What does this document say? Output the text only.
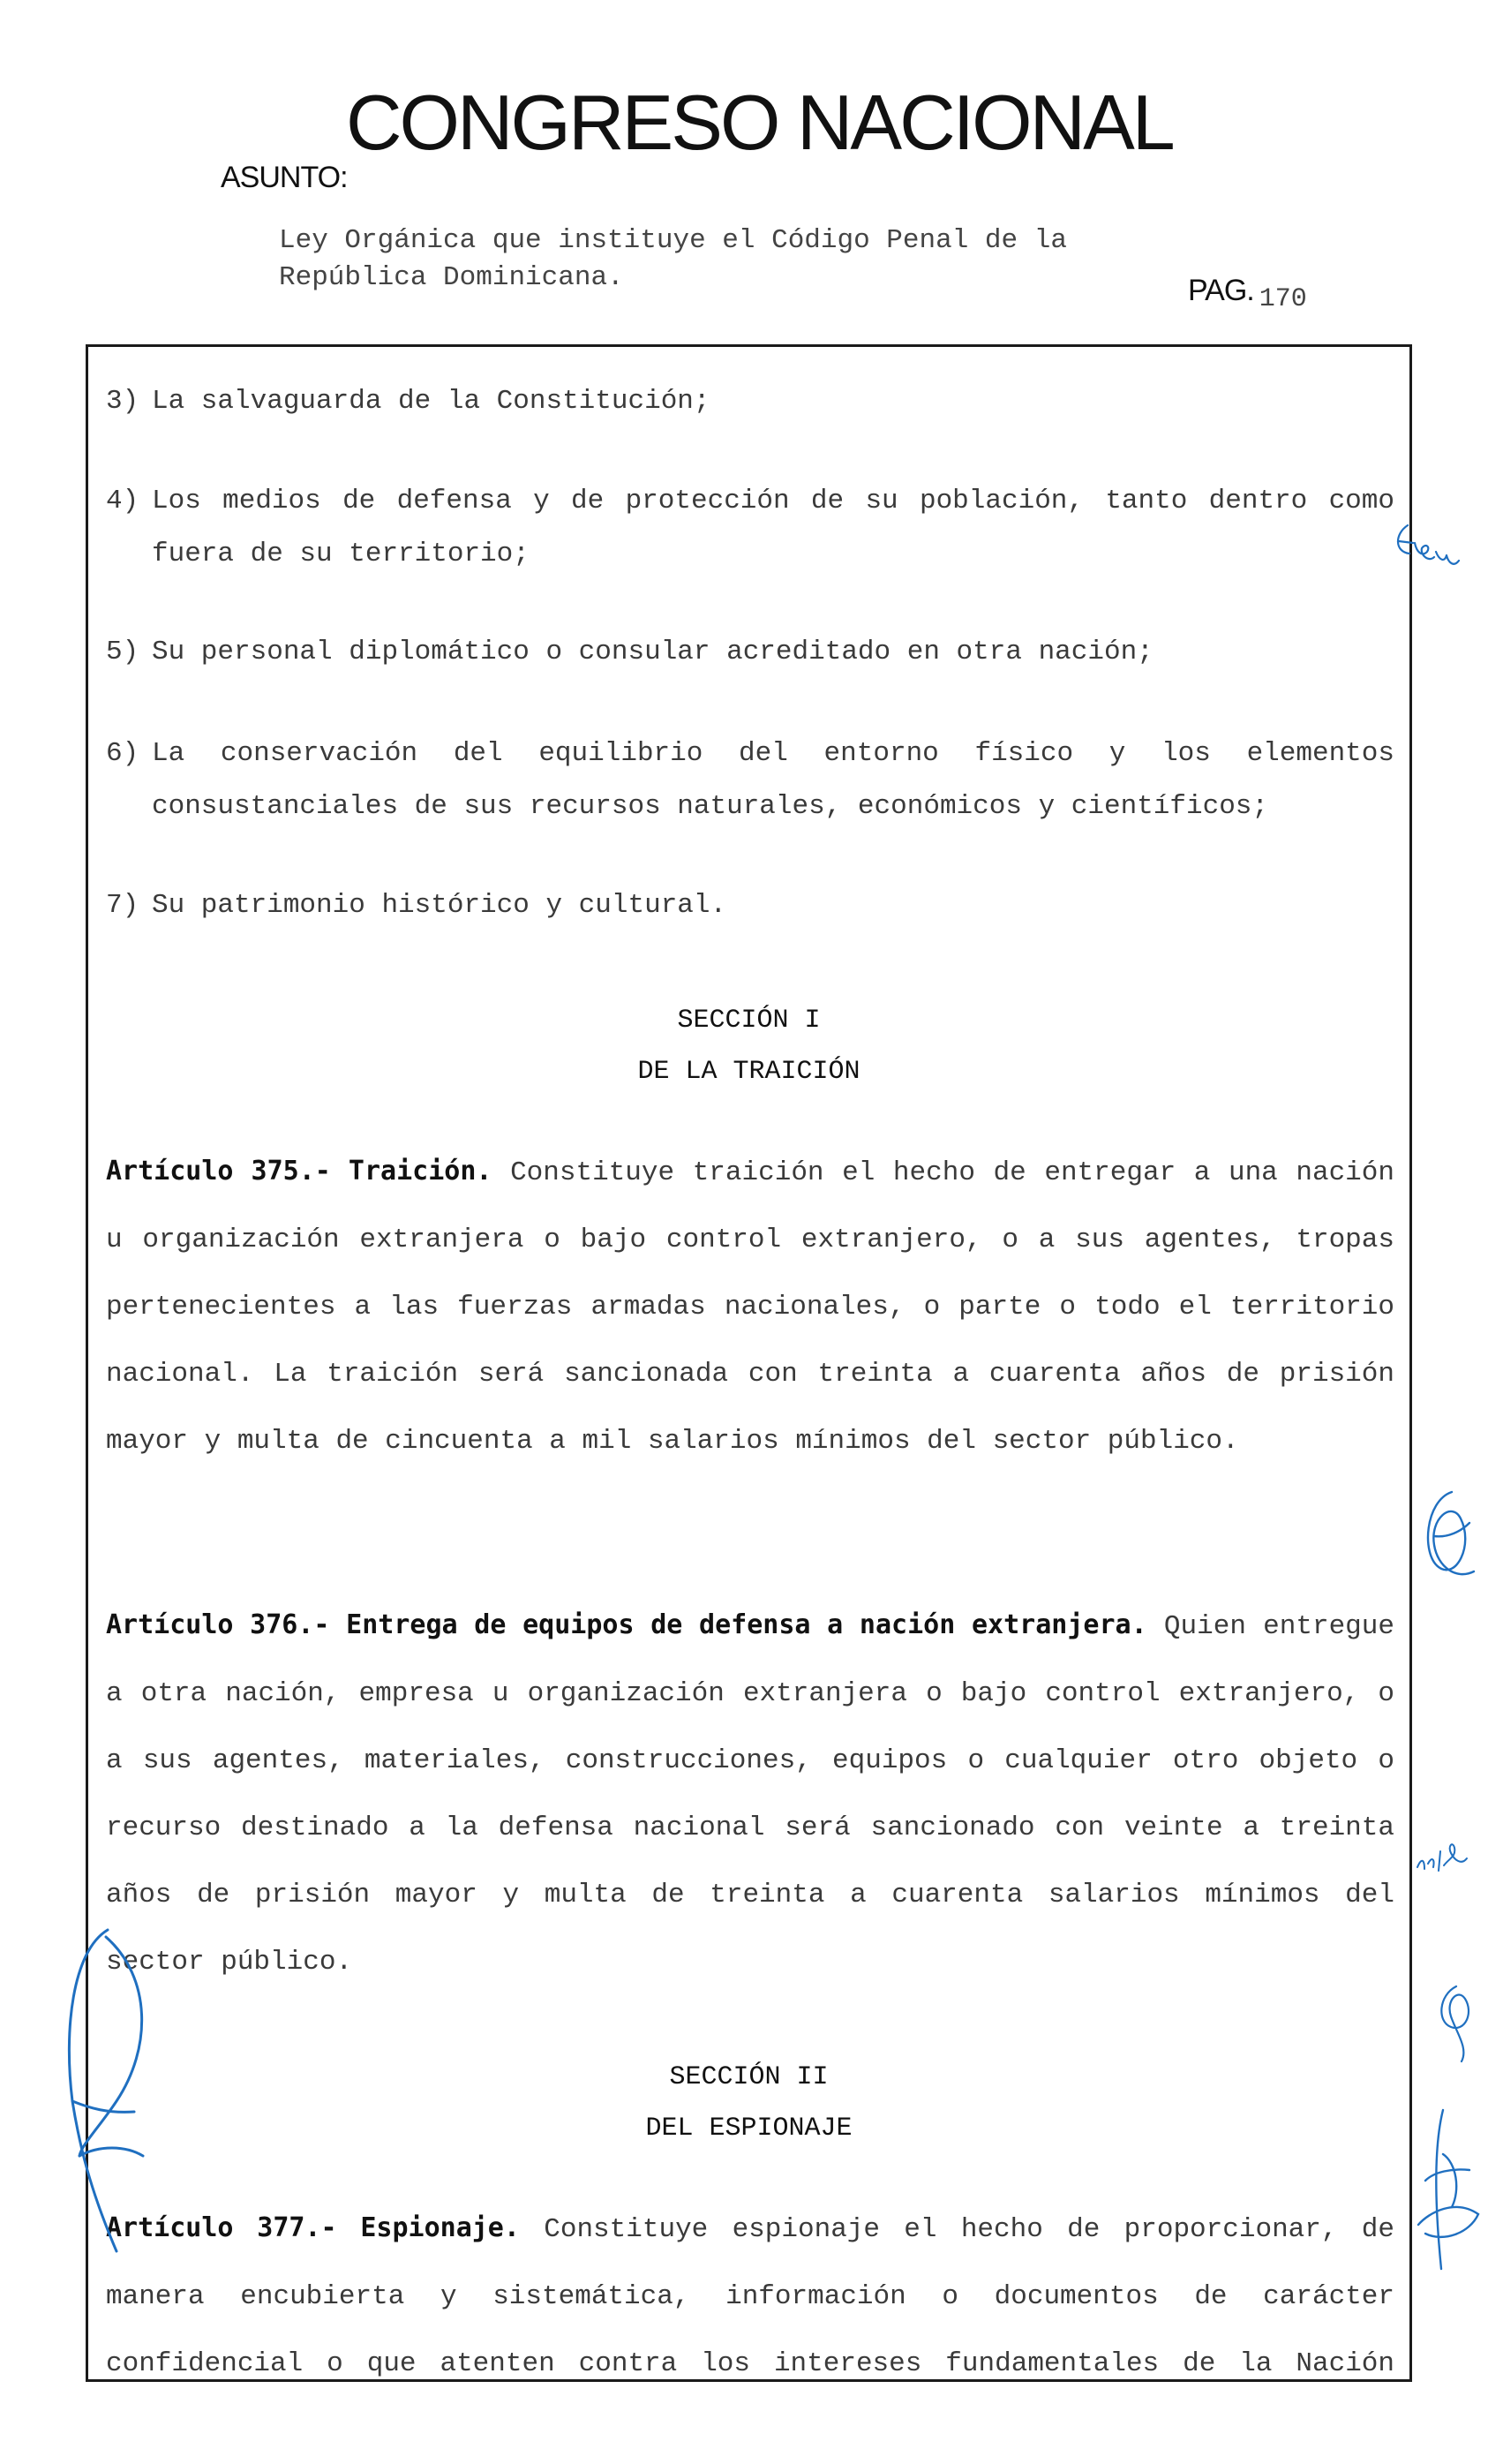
CONGRESO NACIONAL
ASUNTO:
Ley Orgánica que instituye el Código Penal de la
República Dominicana.	PAG. 170
3) La salvaguarda de la Constitución;
4) Los medios de defensa y de protección de su población, tanto dentro como fuera de su territorio;
5) Su personal diplomático o consular acreditado en otra nación;
6) La conservación del equilibrio del entorno físico y los elementos consustanciales de sus recursos naturales, económicos y científicos;
7) Su patrimonio histórico y cultural.
SECCIÓN I
DE LA TRAICIÓN
Artículo 375.- Traición. Constituye traición el hecho de entregar a una nación u organización extranjera o bajo control extranjero, o a sus agentes, tropas pertenecientes a las fuerzas armadas nacionales, o parte o todo el territorio nacional. La traición será sancionada con treinta a cuarenta años de prisión mayor y multa de cincuenta a mil salarios mínimos del sector público.
Artículo 376.- Entrega de equipos de defensa a nación extranjera. Quien entregue a otra nación, empresa u organización extranjera o bajo control extranjero, o a sus agentes, materiales, construcciones, equipos o cualquier otro objeto o recurso destinado a la defensa nacional será sancionado con veinte a treinta años de prisión mayor y multa de treinta a cuarenta salarios mínimos del sector público.
SECCIÓN II
DEL ESPIONAJE
Artículo 377.- Espionaje. Constituye espionaje el hecho de proporcionar, de manera encubierta y sistemática, información o documentos de carácter confidencial o que atenten contra los intereses fundamentales de la Nación
